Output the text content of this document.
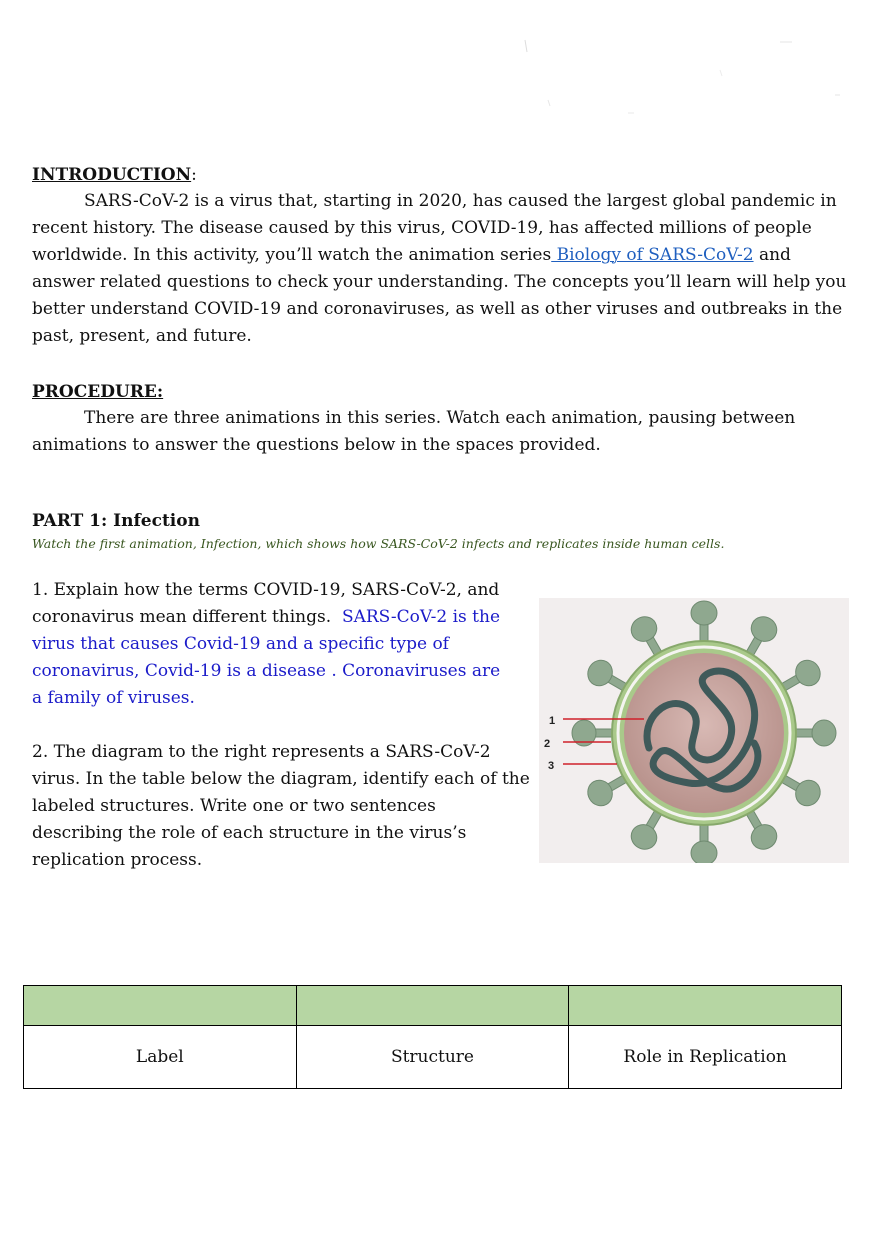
INTRODUCTION:
SARS-CoV-2 is a virus that, starting in 2020, has caused the largest global pandemic in recent history. The disease caused by this virus, COVID-19, has affected millions of people worldwide. In this activity, you’ll watch the animation series Biology of SARS-CoV-2 and answer related questions to check your understanding. The concepts you’ll learn will help you better understand COVID-19 and coronaviruses, as well as other viruses and outbreaks in the past, present, and future.
PROCEDURE:
There are three animations in this series. Watch each animation, pausing between animations to answer the questions below in the spaces provided.
PART 1: Infection
Watch the first animation, Infection, which shows how SARS-CoV-2 infects and replicates inside human cells.
1. Explain how the terms COVID-19, SARS-CoV-2, and coronavirus mean different things. SARS-CoV-2 is the virus that causes Covid-19 and a specific type of coronavirus, Covid-19 is a disease . Coronaviruses are a family of viruses.
2. The diagram to the right represents a SARS-CoV-2 virus. In the table below the diagram, identify each of the labeled structures. Write one or two sentences describing the role of each structure in the virus’s replication process.
1
2
3

Label	Structure	Role in Replication
